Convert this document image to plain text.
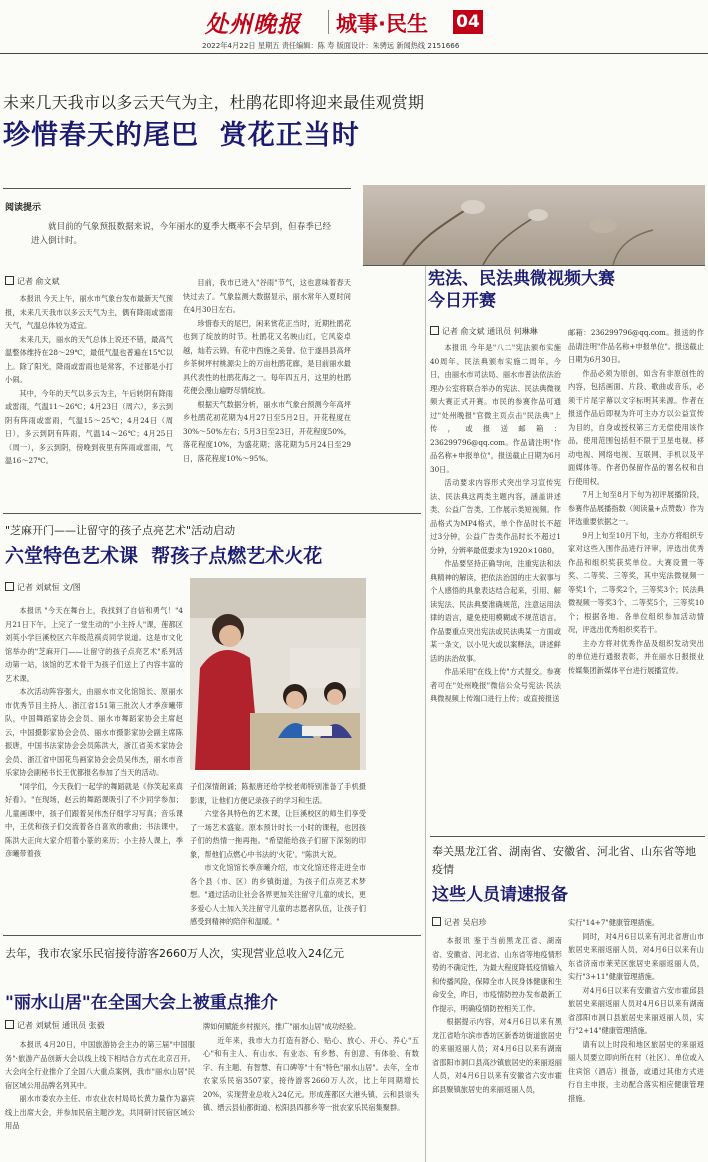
处州晚报 城事·民生 04
2022年4月22日 星期五 责任编辑：陈 寿 版面设计：朱骋远 新闻热线 2151666
未来几天我市以多云天气为主，杜鹃花即将迎来最佳观赏期
珍惜春天的尾巴  赏花正当时
阅读提示

就目前的气象预报数据来说，今年丽水的夏季大概率不会早到，但春季已经进入倒计时。

记者 俞文斌

本报讯 今天上午，丽水市气象台发布最新天气预报，未来几天我市以多云天气为主，偶有降雨或雷雨天气，气温总体较为适宜。

未来几天，丽水的天气总体上说还不错，最高气温整体维持在28～29℃，最低气温也普遍在15℃以上。除了阳光，降雨或雷雨也是常客，不过都是小打小闹。

其中，今年的天气以多云为主，午后转阴有降雨或雷雨，气温11～26℃；4月23日（周六），多云到阴有阵雨或雷雨，气温15～25℃；4月24日（周日），多云到阴有阵雨，气温14～26℃；4月25日（周一），多云到阴，傍晚到夜里有阵雨或雷雨，气温16～27℃。

目前，我市已进入"谷雨"节气，这也意味着春天快过去了。气象监测大数据显示，丽水常年入夏时间在4月30日左右。

珍惜春天的尾巴，闲来赏花正当时，近期杜鹃花也到了绽放的时节。杜鹃花又名映山红，它风姿卓越，灿若云锦，有花中西施之美誉。位于遂昌县高坪乡茶树坪村桃源尖上的万亩杜鹃花廊，是目前丽水最具代表性的杜鹃花海之一。每年四五月，这里的杜鹃花便会漫山遍野尽情绽放。

根据天气数据分析，丽水市气象台预测今年高坪乡杜鹃花初花期为4月27日至5月2日，开花程度在30%～50%左右；5月3日至23日，开花程度50%，落花程度10%，为盛花期；落花期为5月24日至29日，落花程度10%～95%。

宪法、民法典微视频大赛
今日开赛
记者 俞文斌 通讯员 何琳琳

本报讯 今年是"八二"宪法颁布实施40周年、民法典颁布实施二周年。今日，由丽水市司法局、丽水市普法依法治理办公室将联合举办的宪法、民法典微视频大赛正式开赛。市民的参赛作品可通过"处州晚报"官微主页点击"民法典"上传，或报送邮箱：236299796@qq.com。作品请注明"作品名称+申报单位"，报送截止日期为6月30日。

活动要求内容形式突出学习宣传宪法、民法典这两类主题内容，涵盖讲述类、公益广告类、工作展示类短视频。作品格式为MP4格式，单个作品时长不超过3分钟，公益广告类作品时长不超过1分钟，分辨率最低要求为1920×1080。

作品要坚持正确导向，注重宪法和法典精神的解读，把依法治国的庄大叙事与个人感悟的具象表达结合起来，引用、解读宪法、民法典要准确规范，注意运用法律的语言，避免使用模糊或不规范语言。作品要重点突出宪法或民法典某一方面或某一条文，以小见大或以案释法，讲述鲜活的法治故事。

作品采用"在线上传"方式提交。参赛者可在"处州晚报"微信公众号宪法·民法典微视频上传端口进行上传；或直接报送

邮箱：236299796@qq.com。报送的作品请注明"作品名称+申报单位"。报送截止日期为6月30日。

作品必须为原创，如含有非原创性的内容，包括画面、片段、歌曲或音乐，必须干片尾字幕以文字标明其来源。作者在报送作品后即视为许可主办方以公益宣传为目的，自身或授权第三方无偿使用该作品，使用范围包括但不限于卫星电视、移动电视、网络电视、互联网、手机以及平面媒体等。作者仍保留作品的署名权和自行使用权。

7月上旬至8月下旬为初评展播阶段，参赛作品展播指数（阅读量+点赞数）作为评选重要依据之一。

9月上旬至10月下旬，主办方将组织专家对这些入围作品进行评审，评选出优秀作品和组织奖获奖单位。大赛设置一等奖、二等奖、三等奖，其中宪法微视频一等奖1个，二等奖2个，三等奖3个；民法典微视频一等奖3个、二等奖5个，三等奖10个；根据各地、各单位组织参加活动情况，评选出优秀组织奖若干。

主办方将对优秀作品及组织发动突出的单位进行通报表彰，并在丽水日报报业传媒集团新媒体平台进行展播宣传。

"芝麻开门——让留守的孩子点亮艺术"活动启动
六堂特色艺术课  帮孩子点燃艺术火花
记者 刘斌恒 文/图

本报讯 "今天在舞台上，我找到了自信和勇气！"4月21日下午，上完了一堂生动的"小主持人"课，莲都区刘英小学巨溪校区六年级范祺贞同学说道。这是市文化馆举办的"芝麻开门——让留守的孩子点亮艺术"系列活动第一站，该馆的艺术骨干为孩子们送上了内容丰富的艺术课。

本次活动阵容强大，由丽水市文化馆馆长、原丽水市优秀节目主持人、浙江省151第三批次人才季彦曦带队，中国舞蹈家协会会员、丽水市舞蹈家协会主席赵云，中国摄影家协会会员、丽水市摄影家协会副主席陈振唐，中国书法家协会会员陈洪大，浙江省美术家协会会员、浙江省中国花鸟画家协会会员吴伟杰，丽水市音乐家协会副秘书长王优都报名参加了当天的活动。

"同学们，今天我们一起学的舞蹈就是《你笑起来真好看》。"在现场，赵云的舞蹈课吸引了不少同学参加；儿童画课中，孩子们跟着吴伟杰仔细学习写真；音乐课中，王优和孩子们交流着各自喜欢的歌曲；书法课中，陈洪大正向大家介绍着小篆的来历；小主持人课上，季彦曦带着孩

子们深情朗诵；陈振唐还给学校老师特别准备了手机摄影课，让他们方便记录孩子的学习和生活。

六堂各具特色的艺术课，让巨溪校区的师生们享受了一场艺术盛宴。原本预计时长一小时的课程，也因孩子们的热情一拖再拖。"希望能给孩子们留下深刻的印象，帮他们点燃心中书法的'火花'。"陈洪大说。

市文化馆馆长季彦曦介绍，市文化馆还将走进全市各个县（市、区）的乡镇街道，为孩子们点亮艺术梦想。"通过活动让社会各界更加关注留守儿童的成长，更多爱心人士加入关注留守儿童的志愿者队伍，让孩子们感受到精神的陪伴和温暖。"

去年，我市农家乐民宿接待游客2660万人次，实现营业总收入24亿元
"丽水山居"在全国大会上被重点推介
记者 刘斌恒 通讯员 张毅

本报讯 4月20日，中国旅游协会主办的第三届"中国服务"·旅游产品创新大会以线上线下相结合方式在北京召开。大会向全行业推介了全国八大重点案例，我市"丽水山居"民宿区域公用品牌名列其中。

丽水市委农办主任、市农业农村局局长黄力量作为嘉宾线上出席大会，并参加民宿主题沙龙，共同研讨民宿区域公用品

牌如何赋能乡村振兴，推广"丽水山居"成功经验。

近年来，我市大力打造有舒心、贴心、放心、开心、养心"五心"和有主人、有山水、有业态、有乡愁、有创意、有体验、有数字、有主题、有智慧、有口碑等"十有"特色"丽水山居"。去年，全市农家乐民宿3507家，接待游客2660万人次，比上年同期增长20%，实现营业总收入24亿元。形成莲都区大港头镇、云和县崇头镇、缙云县仙都街道、松阳县四都乡等一批农家乐民宿集聚群。

奉关黑龙江省、湖南省、安徽省、河北省、山东省等地疫情
这些人员请速报备
记者 吴启珍

本报讯 鉴于当前黑龙江省、湖南省、安徽省、河北省、山东省等地疫情形势的不确定性，为最大程度降低疫情输入和传播风险，保障全市人民身体健康和生命安全，昨日，市疫情防控办发布最新工作提示，明确疫情防控相关工作。

根据提示内容，对4月6日以来有黑龙江省哈尔滨市香坊区新香坊街道旅居史的来丽返丽人员；对4月6日以来有湖南省邵阳市洞口县高沙镇旅居史的来丽返丽人员，对4月6日以来有安徽省六安市霍邱县聚镇旅居史的来丽返丽人员，

实行"14+7"健康管理措施。

同时，对4月6日以来有河北省唐山市旅居史来丽返丽人员，对4月6日以来有山东省济南市莱芜区旅居史来丽返丽人员，实行"3+11"健康管理措施。

对4月6日以来有安徽省六安市霍邱县旅居史来丽返丽人员对4月6日以来有湖南省邵阳市洞口县旅居史来丽返丽人员，实行"2+14"健康管理措施。

请有以上时段和地区旅居史的来丽返丽人员要立即向所在村（社区）、单位或入住宾馆（酒店）报备，或通过其他方式进行自主申报，主动配合落实相应健康管理措施。
